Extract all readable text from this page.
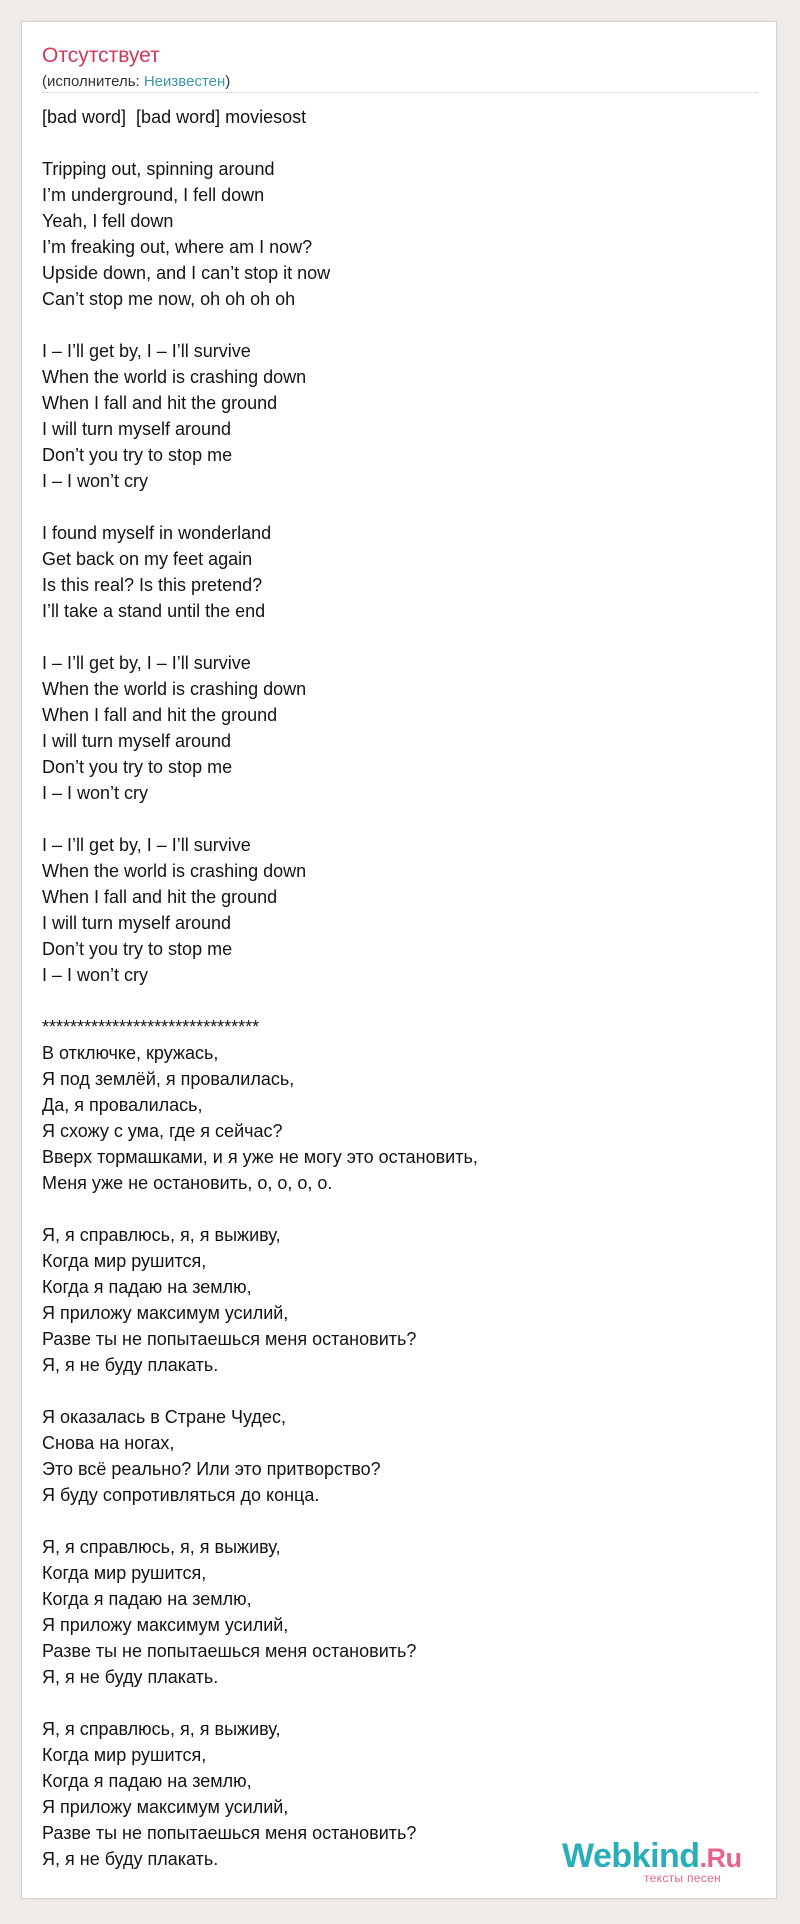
Отсутствует
(исполнитель: Неизвестен)
[bad word]  [bad word] moviesost
Tripping out, spinning around
I’m underground, I fell down
Yeah, I fell down
I’m freaking out, where am I now?
Upside down, and I can’t stop it now
Can’t stop me now, oh oh oh oh
I – I’ll get by, I – I’ll survive
When the world is crashing down
When I fall and hit the ground
I will turn myself around
Don’t you try to stop me
I – I won’t cry
I found myself in wonderland
Get back on my feet again
Is this real? Is this pretend?
I’ll take a stand until the end
I – I’ll get by, I – I’ll survive
When the world is crashing down
When I fall and hit the ground
I will turn myself around
Don’t you try to stop me
I – I won’t cry
I – I’ll get by, I – I’ll survive
When the world is crashing down
When I fall and hit the ground
I will turn myself around
Don’t you try to stop me
I – I won’t cry
*******************************
В отключке, кружась,
Я под землёй, я провалилась,
Да, я провалилась,
Я схожу с ума, где я сейчас?
Вверх тормашками, и я уже не могу это остановить,
Меня уже не остановить, о, о, о, о.
Я, я справлюсь, я, я выживу,
Когда мир рушится,
Когда я падаю на землю,
Я приложу максимум усилий,
Разве ты не попытаешься меня остановить?
Я, я не буду плакать.
Я оказалась в Стране Чудес,
Снова на ногах,
Это всё реально? Или это притворство?
Я буду сопротивляться до конца.
Я, я справлюсь, я, я выживу,
Когда мир рушится,
Когда я падаю на землю,
Я приложу максимум усилий,
Разве ты не попытаешься меня остановить?
Я, я не буду плакать.
Я, я справлюсь, я, я выживу,
Когда мир рушится,
Когда я падаю на землю,
Я приложу максимум усилий,
Разве ты не попытаешься меня остановить?
Я, я не буду плакать.	Webkind.Ru
тексты песен
